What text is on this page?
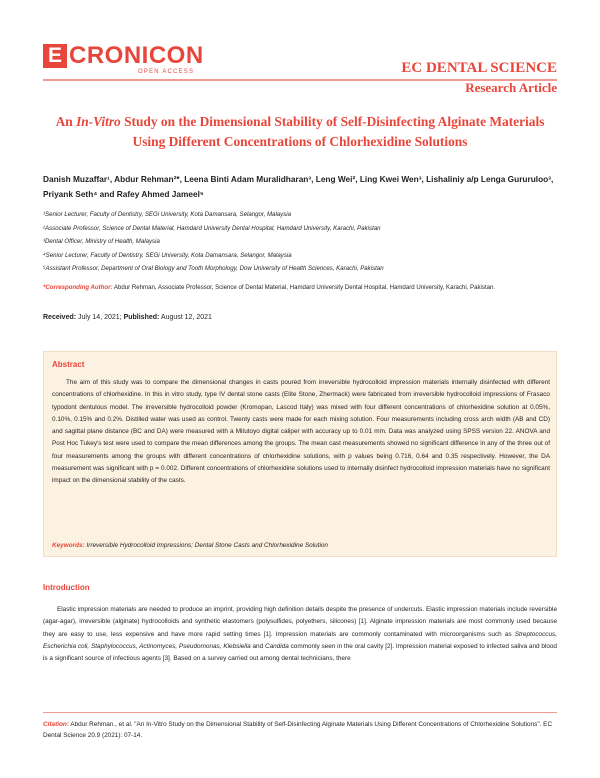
E CRONICON
OPEN ACCESS	EC DENTAL SCIENCE
Research Article
An In-Vitro Study on the Dimensional Stability of Self-Disinfecting Alginate Materials Using Different Concentrations of Chlorhexidine Solutions
Danish Muzaffar¹, Abdur Rehman²*, Leena Binti Adam Muralidharan³, Leng Wei², Ling Kwei Wen³, Lishaliniy a/p Lenga Gururuloo³, Priyank Seth⁴ and Rafey Ahmed Jameel⁵
¹Senior Lecturer, Faculty of Dentistry, SEGi University, Kota Damansara, Selangor, Malaysia
²Associate Professor, Science of Dental Material, Hamdard University Dental Hospital, Hamdard University, Karachi, Pakistan
³Dental Officer, Ministry of Health, Malaysia
⁴Senior Lecturer, Faculty of Dentistry, SEGi University, Kota Damansara, Selangor, Malaysia
⁵Assistant Professor, Department of Oral Biology and Tooth Morphology, Dow University of Health Sciences, Karachi, Pakistan
*Corresponding Author: Abdur Rehman, Associate Professor, Science of Dental Material, Hamdard University Dental Hospital, Hamdard University, Karachi, Pakistan.
Received: July 14, 2021; Published: August 12, 2021
Abstract
The aim of this study was to compare the dimensional changes in casts poured from irreversible hydrocolloid impression materials internally disinfected with different concentrations of chlorhexidine. In this in vitro study, type IV dental stone casts (Elite Stone, Zhermack) were fabricated from irreversible hydrocolloid impressions of Frasaco typodont dentulous model. The irreversible hydrocolloid powder (Kromopan, Lascod Italy) was mixed with four different concentrations of chlorhexidine solution at 0.05%, 0.10%, 0.15% and 0.2%. Distilled water was used as control. Twenty casts were made for each mixing solution. Four measurements including cross arch width (AB and CD) and sagittal plane distance (BC and DA) were measured with a Mitutoyo digital caliper with accuracy up to 0.01 mm. Data was analyzed using SPSS version 22. ANOVA and Post Hoc Tukey's test were used to compare the mean differences among the groups. The mean cast measurements showed no significant difference in any of the three out of four measurements among the groups with different concentrations of chlorhexidine solutions, with p values being 0.716, 0.64 and 0.35 respectively. However, the DA measurement was significant with p = 0.002. Different concentrations of chlorhexidine solutions used to internally disinfect hydrocolloid impression materials have no significant impact on the dimensional stability of the casts.
Keywords: Irreversible Hydrocolloid Impressions; Dental Stone Casts and Chlorhexidine Solution
Introduction
Elastic impression materials are needed to produce an imprint, providing high definition details despite the presence of undercuts. Elastic impression materials include reversible (agar-agar), irreversible (alginate) hydrocolloids and synthetic elastomers (polysulfides, polyethers, silicones) [1]. Alginate impression materials are most commonly used because they are easy to use, less expensive and have more rapid setting times [1]. Impression materials are commonly contaminated with microorganisms such as Streptococcus, Escherichia coli, Staphylococcus, Actinomyces, Pseudomonas, Klebsiella and Candida commonly seen in the oral cavity [2]. Impression material exposed to infected saliva and blood is a significant source of infectious agents [3]. Based on a survey carried out among dental technicians, there
Citation: Abdur Rehman., et al. "An In-Vitro Study on the Dimensional Stability of Self-Disinfecting Alginate Materials Using Different Concentrations of Chlorhexidine Solutions". EC Dental Science 20.9 (2021): 07-14.
